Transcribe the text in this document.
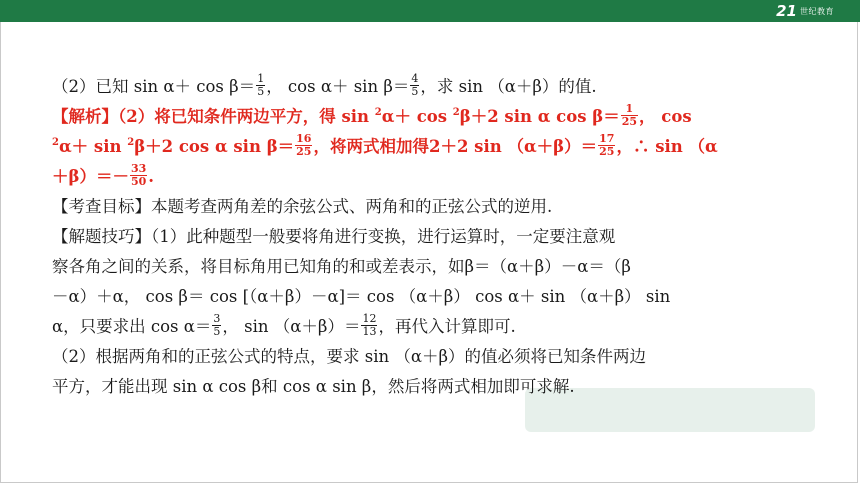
21 世纪教育
（2）已知 $\sin \alpha+ \cos \beta= \frac{1}{5}$ ， $\cos \alpha+ \sin \beta= \frac{4}{5}$ ，求 sin （α＋β）的值.
【解析】（2）将已知条件两边平方，得 sin $^2$α＋ cos $^2$β＋2 sin α $\cos \beta= \frac{1}{25}$ ， cos
$^2$α＋ sin $^2$β＋2 cos α $\sin \beta= \frac{16}{25}$ ，将两式相加得2＋2 $\sin (\alpha+\beta)= \frac{17}{25}$ ，∴ sin （α
$+\beta)=- \frac{33}{50}$ .
【考查目标】本题考查两角差的余弦公式、两角和的正弦公式的逆用.
【解题技巧】（1）此种题型一般要将角进行变换，进行运算时，一定要注意观
察各角之间的关系，将目标角用已知角的和或差表示，如β＝（α＋β）－α＝（β
－α）＋α， cos β＝ cos [（α＋β）－α]＝ cos （α＋β） cos α＋ sin （α＋β） sin
α，只要求出 $\cos \alpha= \frac{3}{5}$ ， $\sin (\alpha+\beta)= \frac{12}{13}$ ，再代入计算即可.
（2）根据两角和的正弦公式的特点，要求 sin （α＋β）的值必须将已知条件两边
平方，才能出现 sin α cos β和 cos α sin β，然后将两式相加即可求解.
